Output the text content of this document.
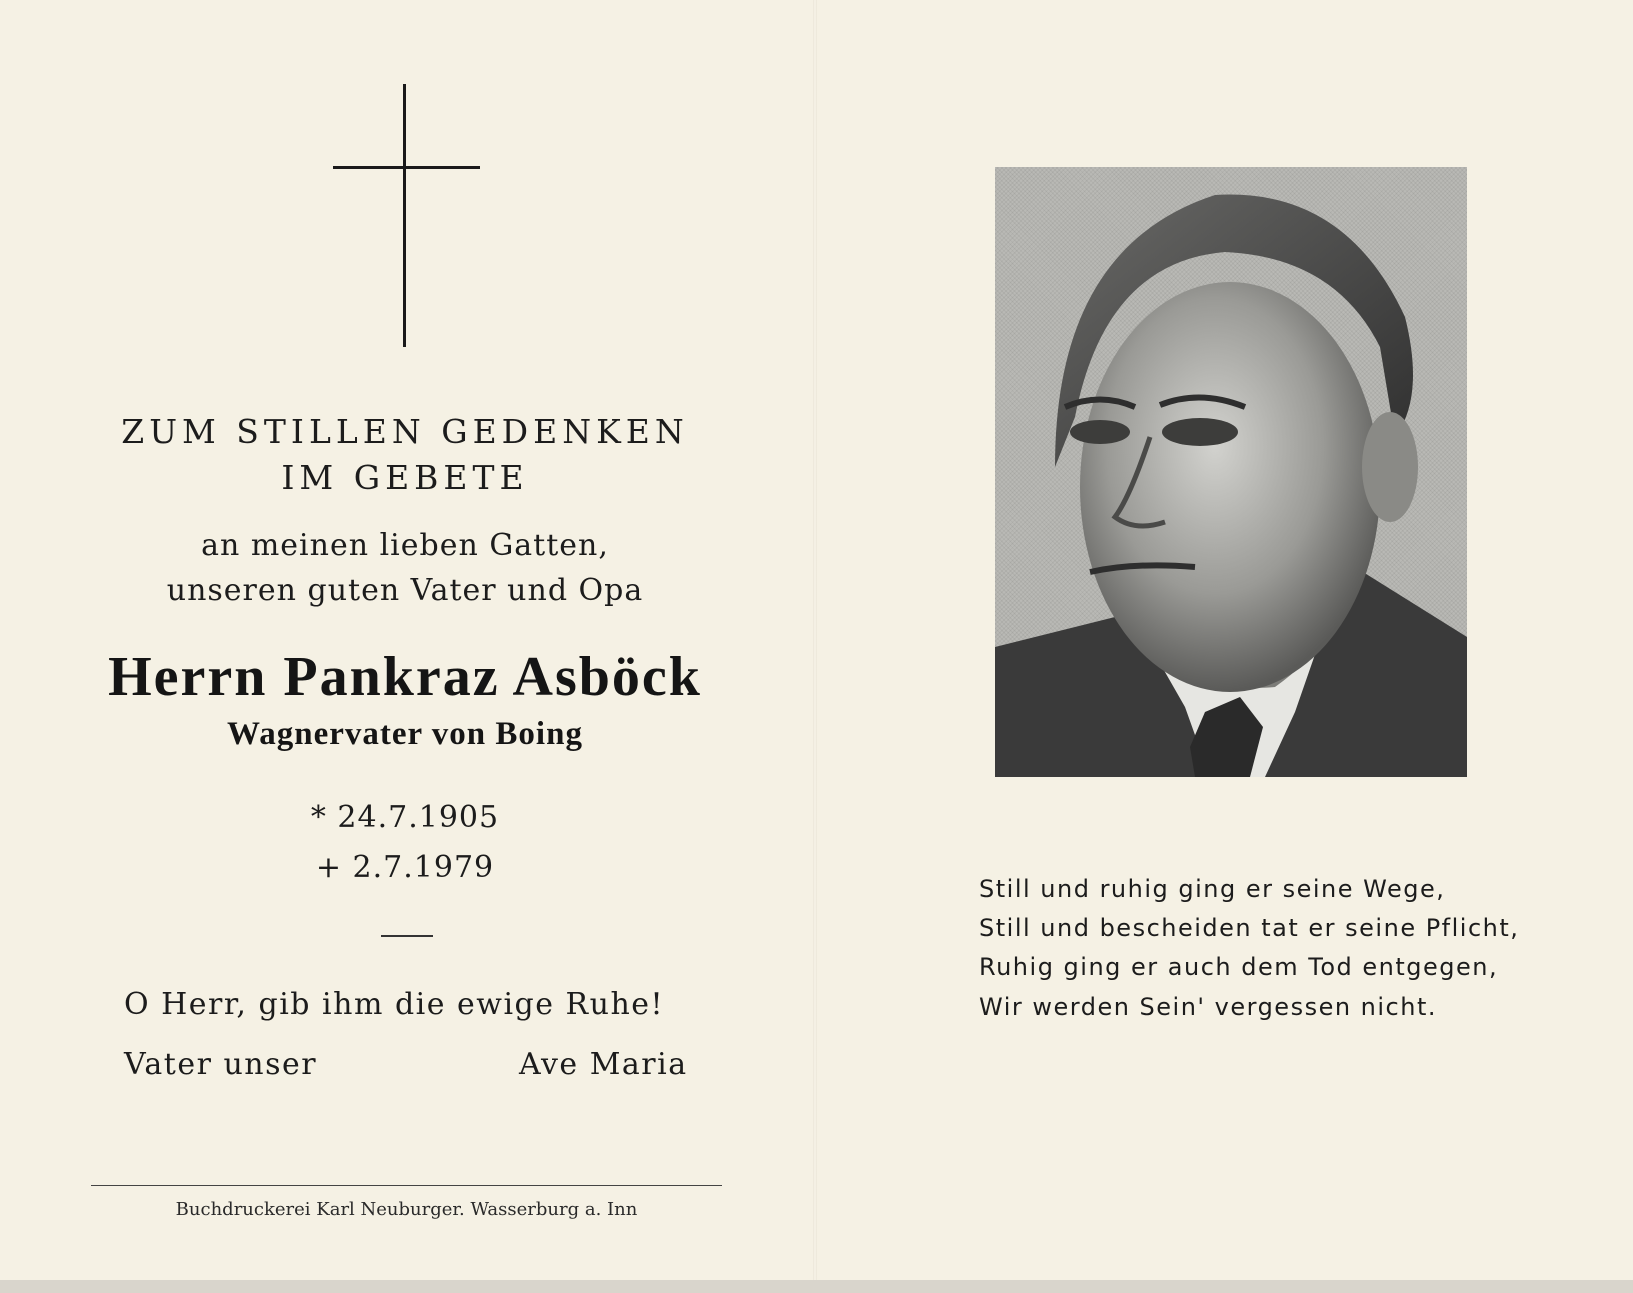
ZUM STILLEN GEDENKEN
IM GEBETE
an meinen lieben Gatten,
unseren guten Vater und Opa
Herrn Pankraz Asböck
Wagnervater von Boing
* 24.7.1905
+ 2.7.1979
O Herr, gib ihm die ewige Ruhe!
Vater unser	Ave Maria
Buchdruckerei Karl Neuburger. Wasserburg a. Inn
Still und ruhig ging er seine Wege,
Still und bescheiden tat er seine Pflicht,
Ruhig ging er auch dem Tod entgegen,
Wir werden Sein' vergessen nicht.
